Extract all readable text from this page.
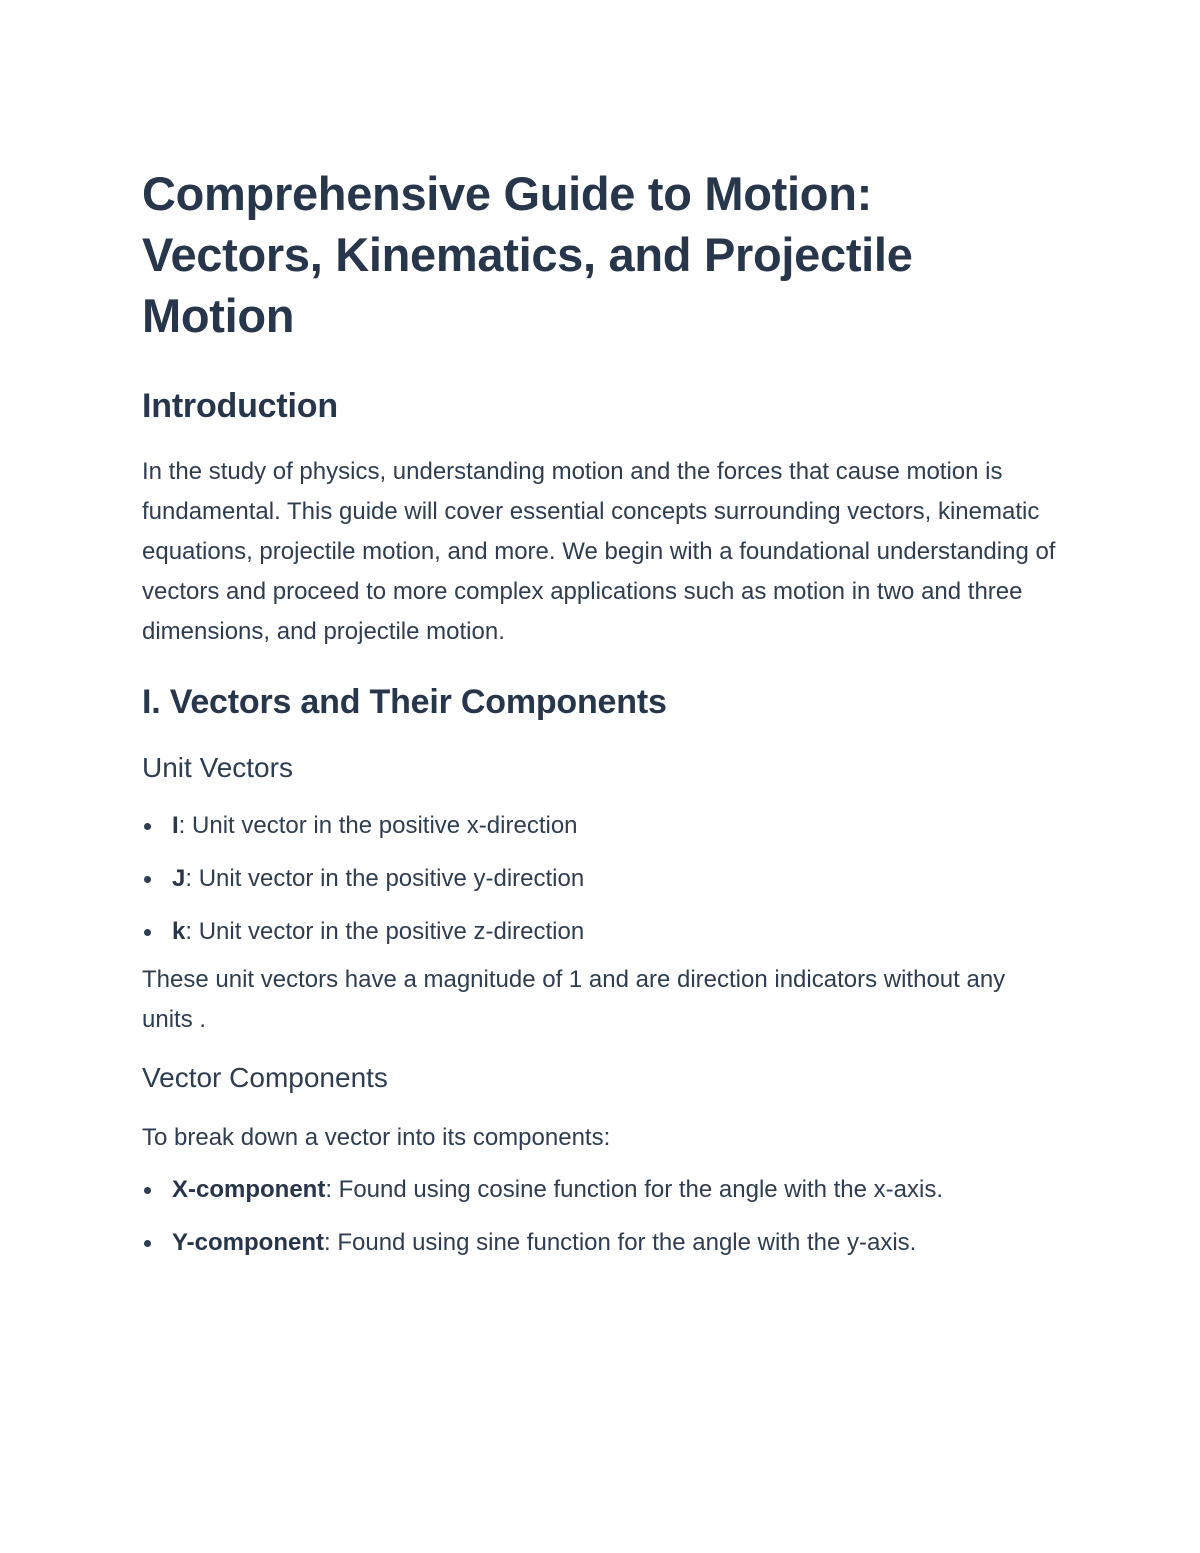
Comprehensive Guide to Motion: Vectors, Kinematics, and Projectile Motion
Introduction

In the study of physics, understanding motion and the forces that cause motion is fundamental. This guide will cover essential concepts surrounding vectors, kinematic equations, projectile motion, and more. We begin with a foundational understanding of vectors and proceed to more complex applications such as motion in two and three dimensions, and projectile motion.

I. Vectors and Their Components
Unit Vectors
I: Unit vector in the positive x-direction
J: Unit vector in the positive y-direction
k: Unit vector in the positive z-direction

These unit vectors have a magnitude of 1 and are direction indicators without any units .

Vector Components

To break down a vector into its components:

X-component: Found using cosine function for the angle with the x-axis.
Y-component: Found using sine function for the angle with the y-axis.
